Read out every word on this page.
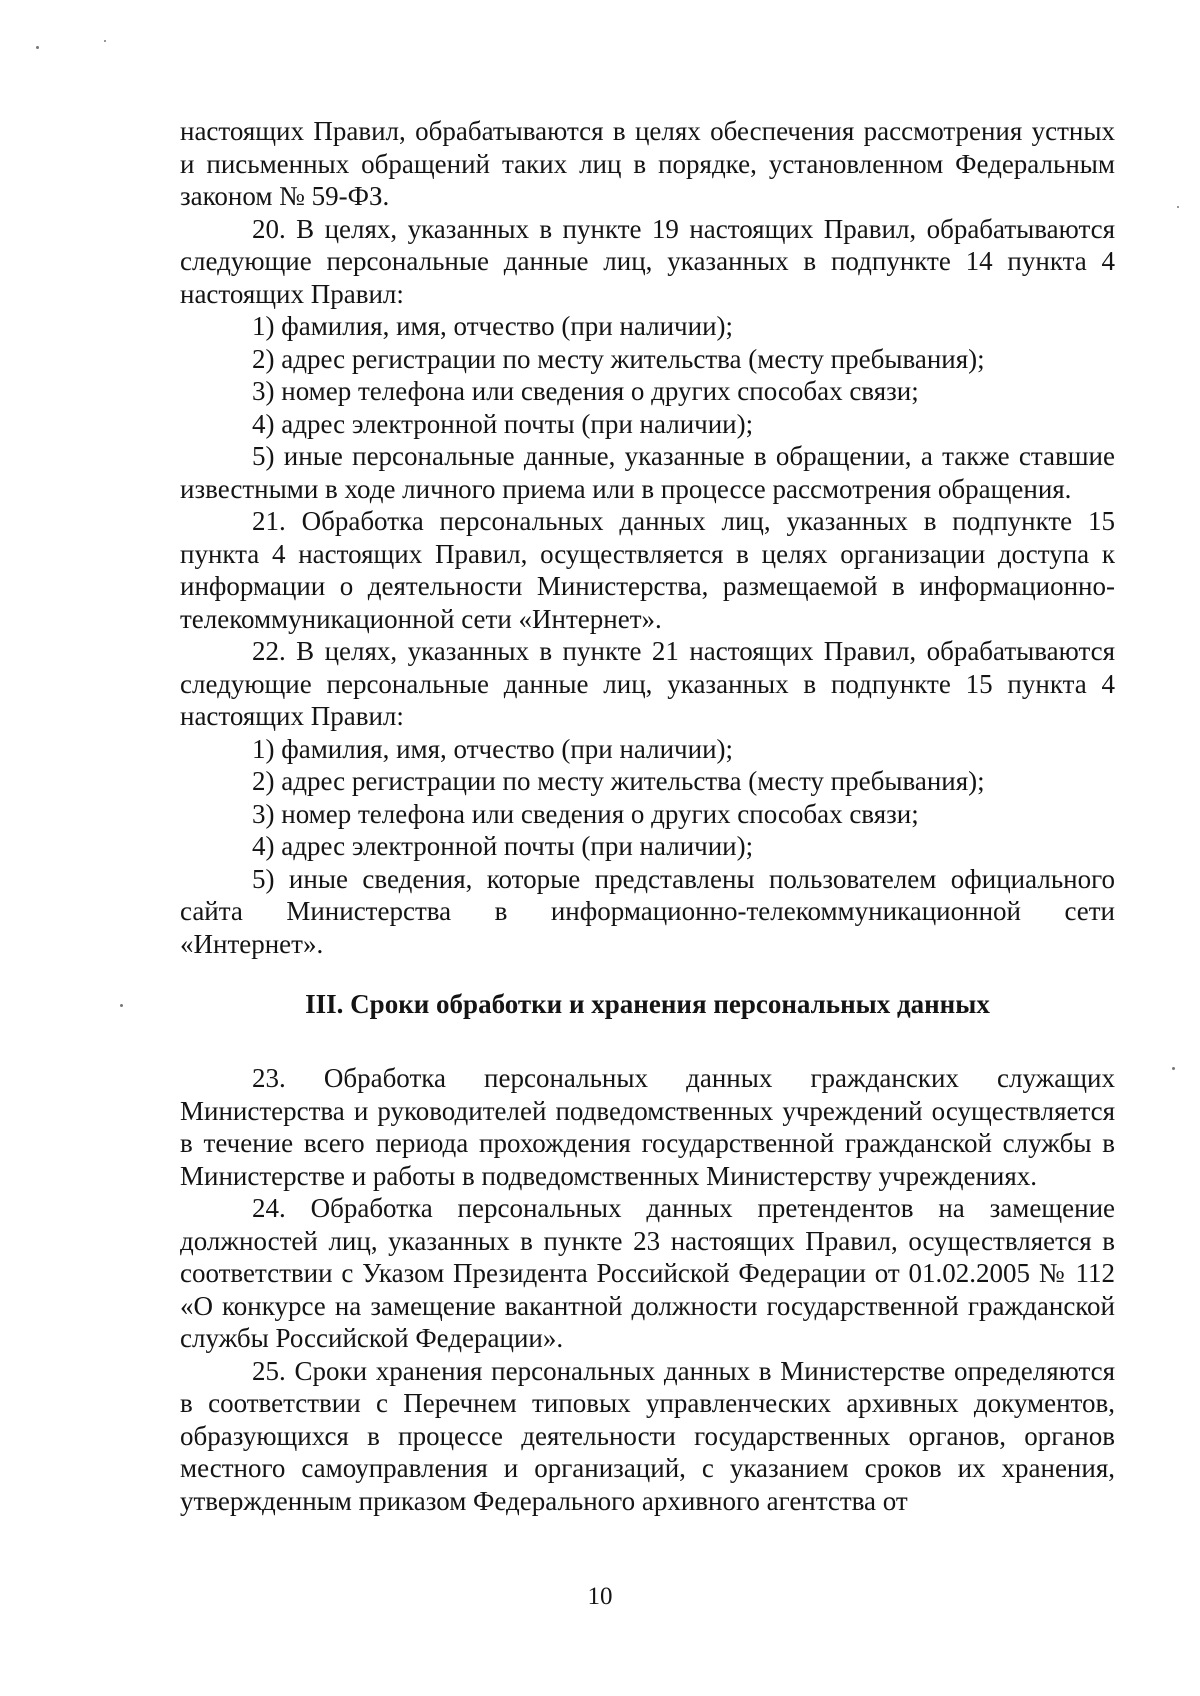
настоящих Правил, обрабатываются в целях обеспечения рассмотрения устных и письменных обращений таких лиц в порядке, установленном Федеральным законом № 59-ФЗ.

20. В целях, указанных в пункте 19 настоящих Правил, обрабатываются следующие персональные данные лиц, указанных в подпункте 14 пункта 4 настоящих Правил:

1) фамилия, имя, отчество (при наличии);

2) адрес регистрации по месту жительства (месту пребывания);

3) номер телефона или сведения о других способах связи;

4) адрес электронной почты (при наличии);

5) иные персональные данные, указанные в обращении, а также ставшие известными в ходе личного приема или в процессе рассмотрения обращения.

21. Обработка персональных данных лиц, указанных в подпункте 15 пункта 4 настоящих Правил, осуществляется в целях организации доступа к информации о деятельности Министерства, размещаемой в информационно-телекоммуникационной сети «Интернет».

22. В целях, указанных в пункте 21 настоящих Правил, обрабатываются следующие персональные данные лиц, указанных в подпункте 15 пункта 4 настоящих Правил:

1) фамилия, имя, отчество (при наличии);

2) адрес регистрации по месту жительства (месту пребывания);

3) номер телефона или сведения о других способах связи;

4) адрес электронной почты (при наличии);

5) иные сведения, которые представлены пользователем официального сайта Министерства в информационно-телекоммуникационной сети «Интернет».

III. Сроки обработки и хранения персональных данных

23. Обработка персональных данных гражданских служащих Министерства и руководителей подведомственных учреждений осуществляется в течение всего периода прохождения государственной гражданской службы в Министерстве и работы в подведомственных Министерству учреждениях.

24. Обработка персональных данных претендентов на замещение должностей лиц, указанных в пункте 23 настоящих Правил, осуществляется в соответствии с Указом Президента Российской Федерации от 01.02.2005 № 112 «О конкурсе на замещение вакантной должности государственной гражданской службы Российской Федерации».

25. Сроки хранения персональных данных в Министерстве определяются в соответствии с Перечнем типовых управленческих архивных документов, образующихся в процессе деятельности государственных органов, органов местного самоуправления и организаций, с указанием сроков их хранения, утвержденным приказом Федерального архивного агентства от

10
